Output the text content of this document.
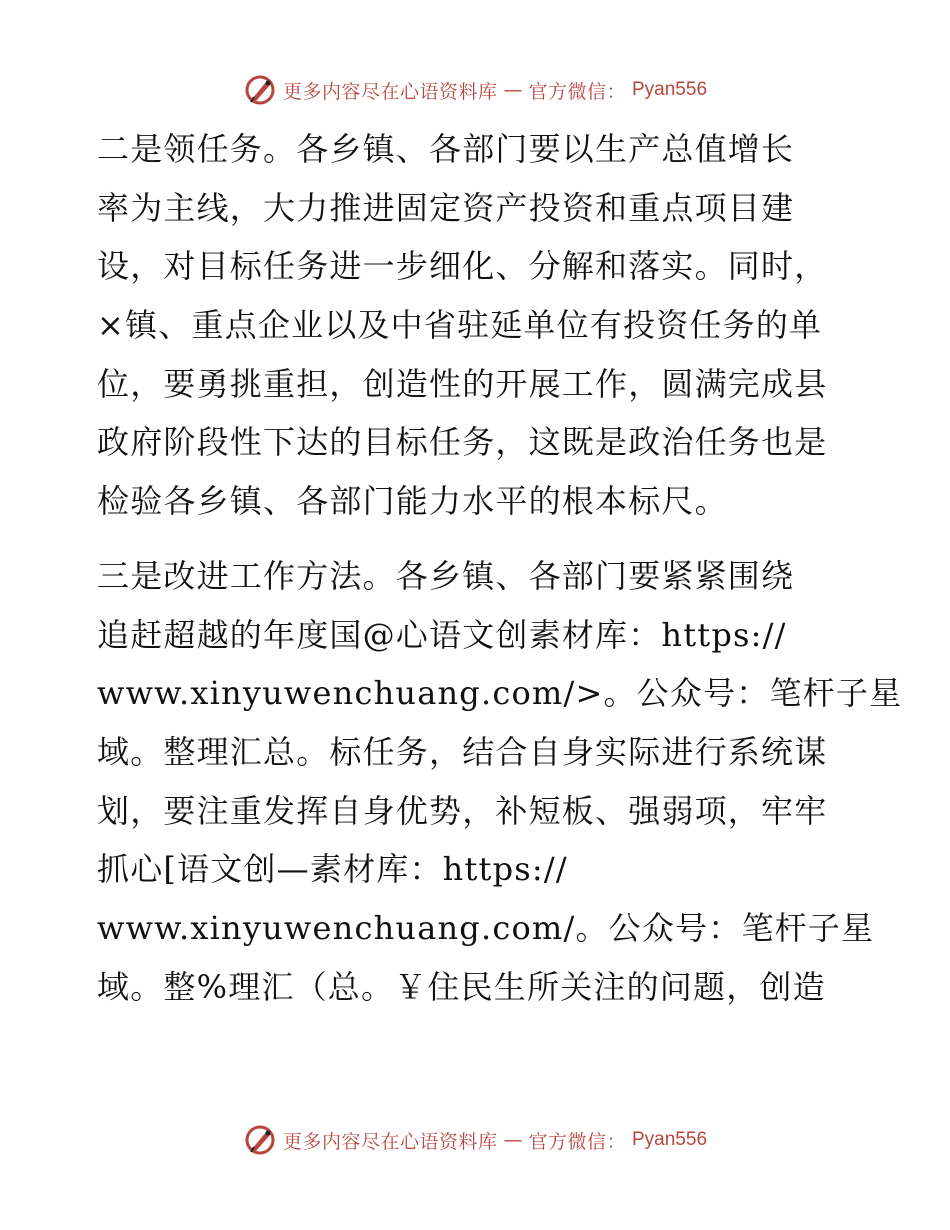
更多内容尽在心语资料库 — 官方微信： Pyan556

二是领任务。各乡镇、各部门要以生产总值增长
率为主线，大力推进固定资产投资和重点项目建
设，对目标任务进一步细化、分解和落实。同时，
×镇、重点企业以及中省驻延单位有投资任务的单
位，要勇挑重担，创造性的开展工作，圆满完成县
政府阶段性下达的目标任务，这既是政治任务也是
检验各乡镇、各部门能力水平的根本标尺。

三是改进工作方法。各乡镇、各部门要紧紧围绕
追赶超越的年度国@心语文创素材库：https://
www.xinyuwenchuang.com/>。公众号：笔杆子星
域。整理汇总。标任务，结合自身实际进行系统谋
划，要注重发挥自身优势，补短板、强弱项，牢牢
抓心[语文创—素材库：https://
www.xinyuwenchuang.com/。公众号：笔杆子星
域。整%理汇（总。￥住民生所关注的问题，创造

更多内容尽在心语资料库 — 官方微信： Pyan556
